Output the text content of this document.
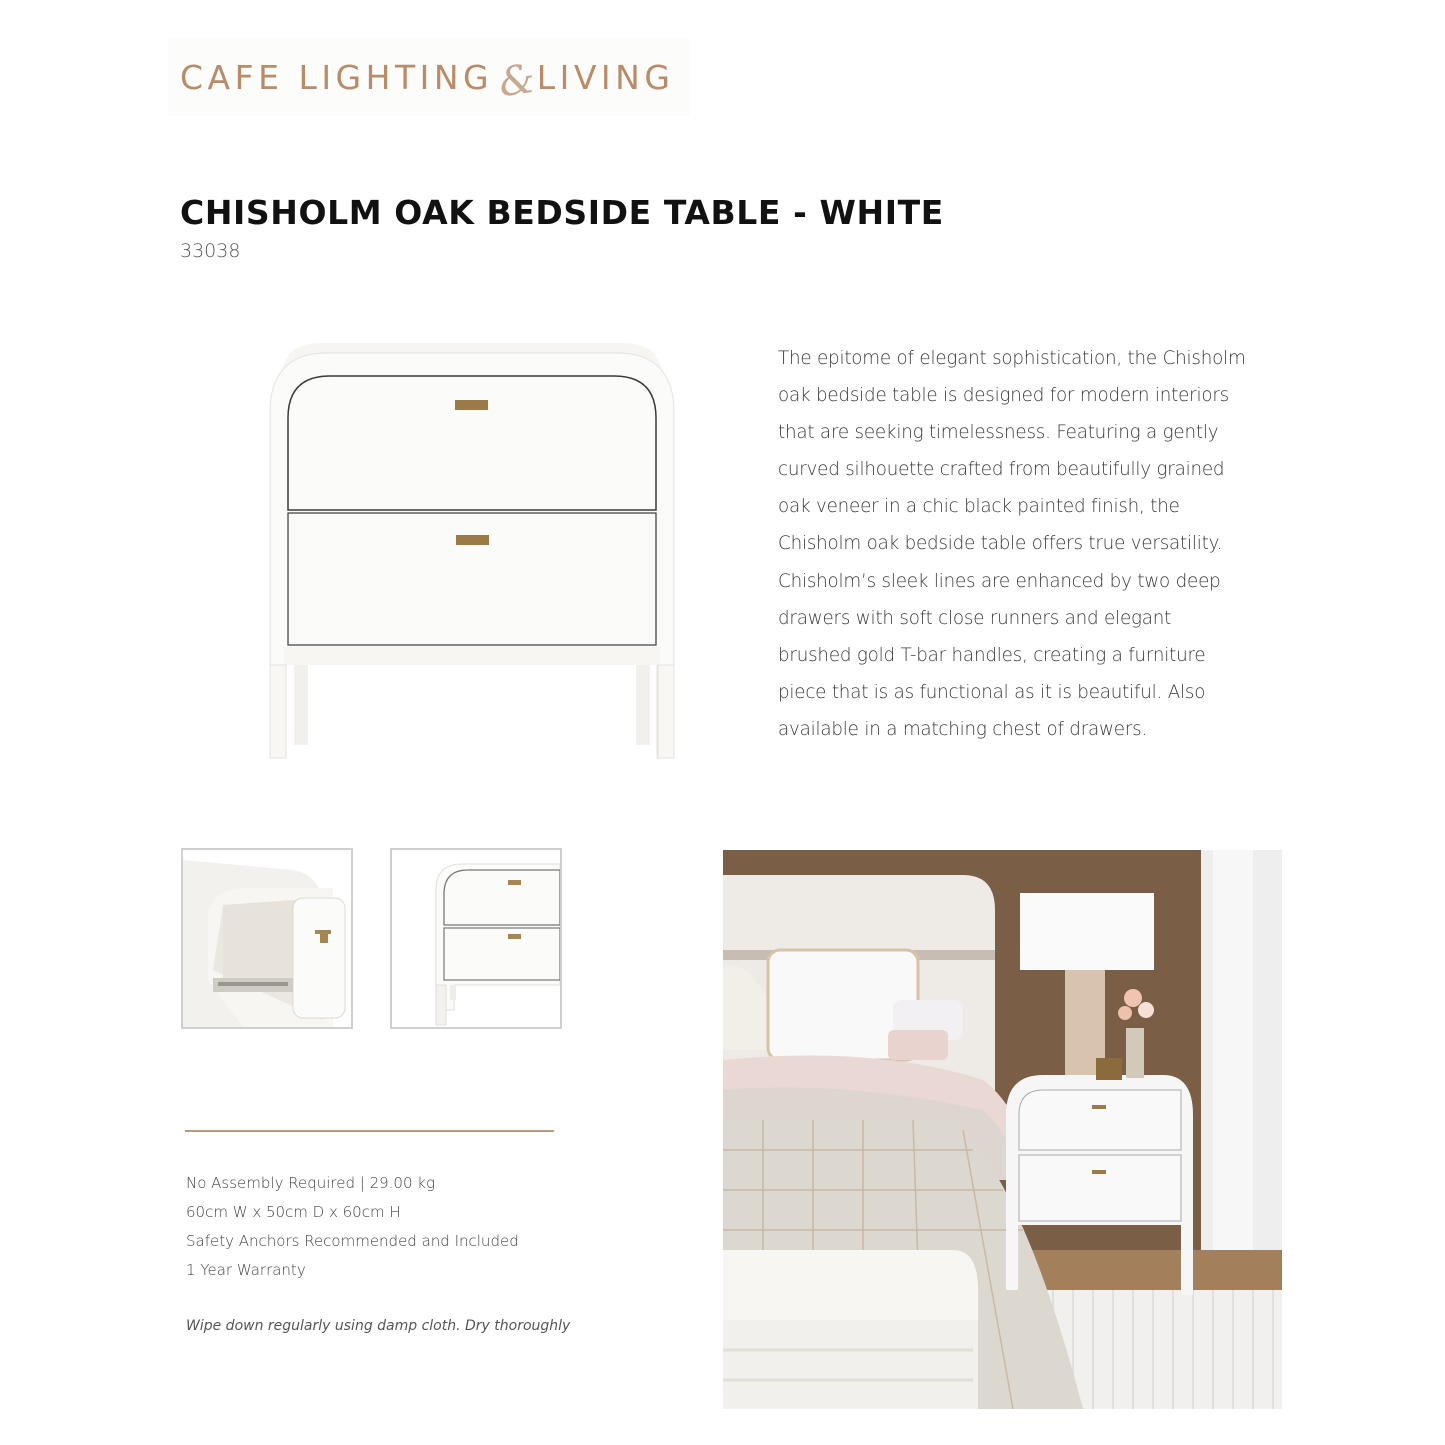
CAFE LIGHTING &
LIVING
CHISHOLM OAK BEDSIDE TABLE - WHITE
33038

The epitome of elegant sophistication, the Chisholm oak bedside table is designed for modern interiors that are seeking timelessness. Featuring a gently curved silhouette crafted from beautifully grained oak veneer in a chic black painted finish, the Chisholm oak bedside table offers true versatility. Chisholm’s sleek lines are enhanced by two deep drawers with soft close runners and elegant brushed gold T-bar handles, creating a furniture piece that is as functional as it is beautiful. Also available in a matching chest of drawers.

No Assembly Required | 29.00 kg
60cm W x 50cm D x 60cm H
Safety Anchors Recommended and Included
1 Year Warranty
Wipe down regularly using damp cloth. Dry thoroughly
